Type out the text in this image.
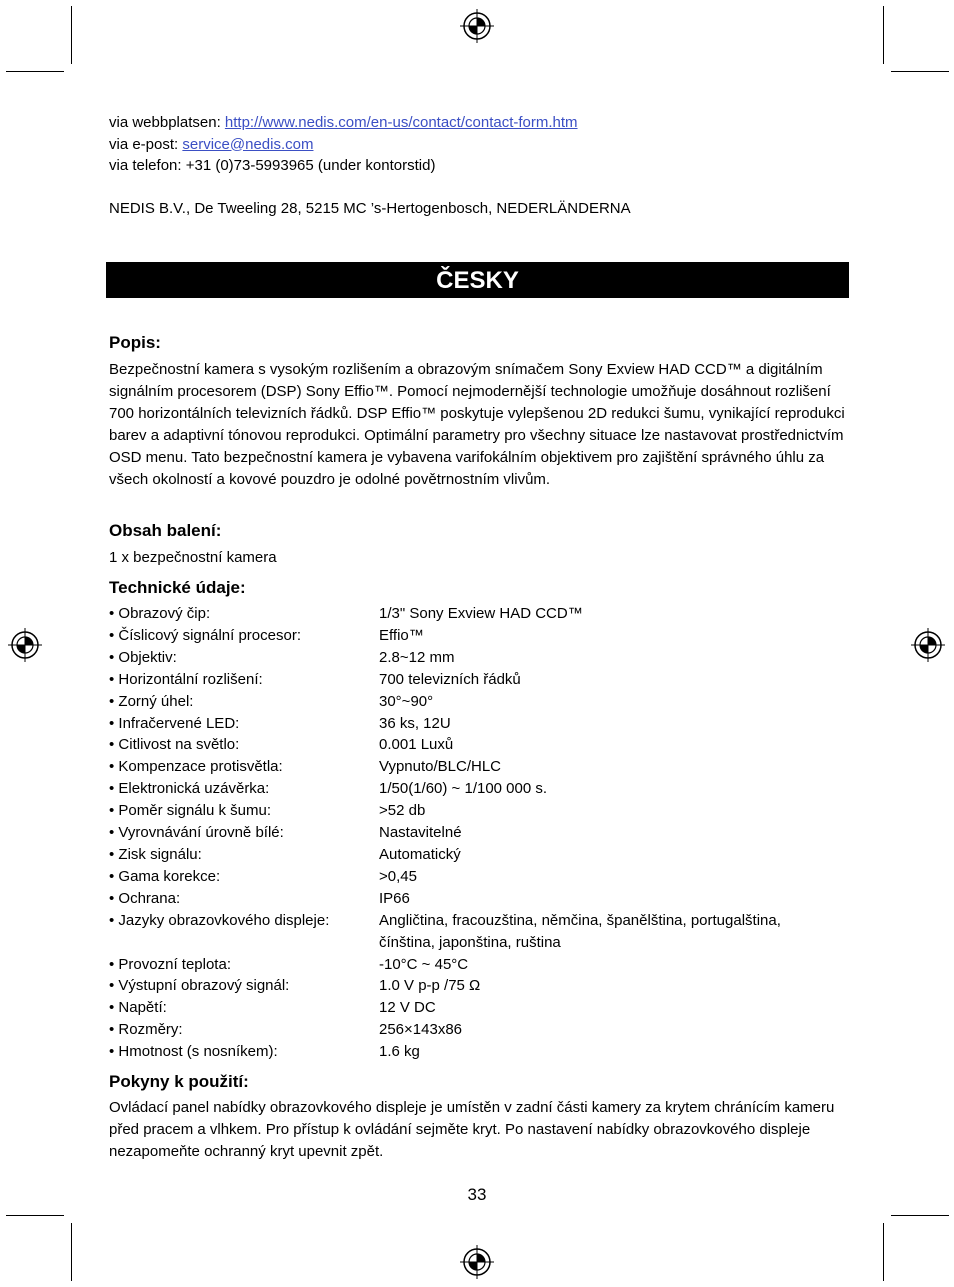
via webbplatsen: http://www.nedis.com/en-us/contact/contact-form.htm
via e-post: service@nedis.com
via telefon: +31 (0)73-5993965 (under kontorstid)
NEDIS B.V., De Tweeling 28, 5215 MC ’s-Hertogenbosch, NEDERLÄNDERNA
ČESKY
Popis:
Bezpečnostní kamera s vysokým rozlišením a obrazovým snímačem Sony Exview HAD CCD™ a digitálním signálním procesorem (DSP) Sony Effio™. Pomocí nejmodernější technologie umožňuje dosáhnout rozlišení 700 horizontálních televizních řádků. DSP Effio™ poskytuje vylepšenou 2D redukci šumu, vynikající reprodukci barev a adaptivní tónovou reprodukci. Optimální parametry pro všechny situace lze nastavovat prostřednictvím OSD menu. Tato bezpečnostní kamera je vybavena varifokálním objektivem pro zajištění správného úhlu za všech okolností a kovové pouzdro je odolné povětrnostním vlivům.
Obsah balení:
1 x bezpečnostní kamera
Technické údaje:
• Obrazový čip:	1/3" Sony Exview HAD CCD™
• Číslicový signální procesor:	Effio™
• Objektiv:	2.8~12 mm
• Horizontální rozlišení:	700 televizních řádků
• Zorný úhel:	30°~90°
• Infračervené LED:	36 ks, 12U
• Citlivost na světlo:	0.001 Luxů
• Kompenzace protisvětla:	Vypnuto/BLC/HLC
• Elektronická uzávěrka:	1/50(1/60) ~ 1/100 000 s.
• Poměr signálu k šumu:	>52 db
• Vyrovnávání úrovně bílé:	Nastavitelné
• Zisk signálu:	Automatický
• Gama korekce:	>0,45
• Ochrana:	IP66
• Jazyky obrazovkového displeje:	Angličtina, fracouzština, němčina, španělština, portugalština, čínština, japonština, ruština
• Provozní teplota:	-10°C ~ 45°C
• Výstupní obrazový signál:	1.0 V p-p /75 Ω
• Napětí:	12 V DC
• Rozměry:	256×143x86
• Hmotnost (s nosníkem):	1.6 kg
Pokyny k použití:
Ovládací panel nabídky obrazovkového displeje je umístěn v zadní části kamery za krytem chránícím kameru před pracem a vlhkem. Pro přístup k ovládání sejměte kryt. Po nastavení nabídky obrazovkového displeje nezapomeňte ochranný kryt upevnit zpět.
33
